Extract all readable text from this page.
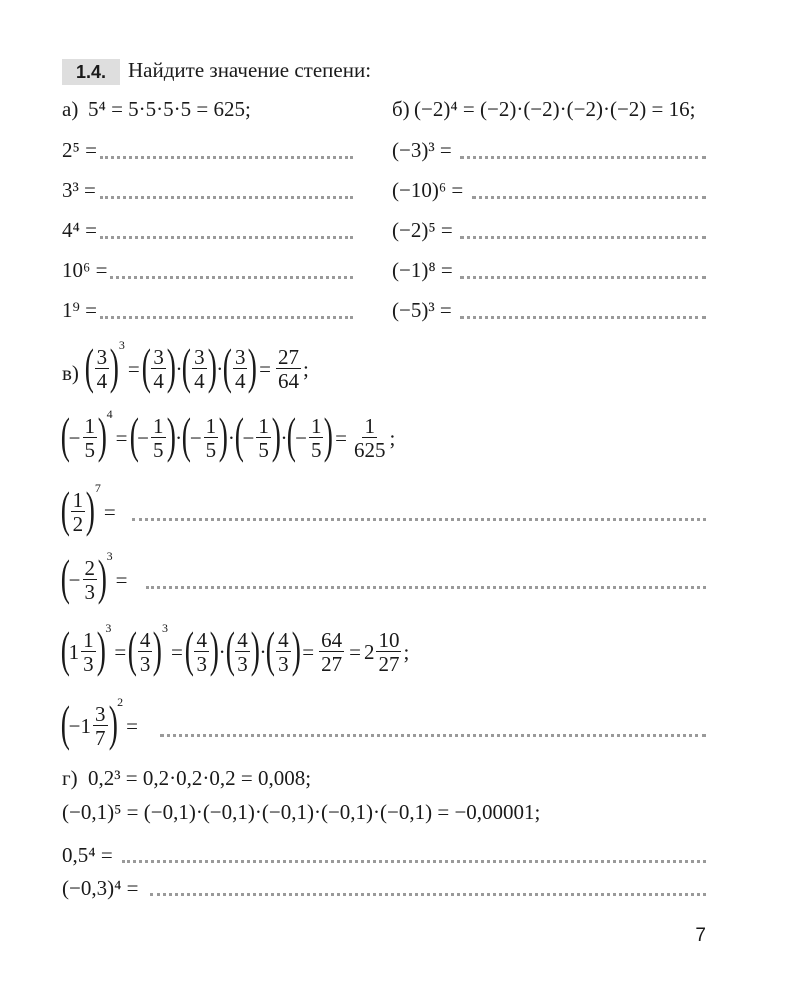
1.4.	Найдите значение степени:
а) 5⁴ = 5·5·5·5 = 625;
2⁵ =
3³ =
4⁴ =
10⁶ =
1⁹ =
б) (−2)⁴ = (−2)·(−2)·(−2)·(−2) = 16;
(−3)³ =
(−10)⁶ =
(−2)⁵ =
(−1)⁸ =
(−5)³ =
в) ( $\frac{3}{4}$ ) 3
= ( $\frac{3}{4}$ ) · ( $\frac{3}{4}$ ) · ( $\frac{3}{4}$ ) = $\frac{27}{64}$ ;
(
− $\frac{1}{5}$ ) 4
= (
− $\frac{1}{5}$ ) · (
− $\frac{1}{5}$ ) · (
− $\frac{1}{5}$ ) · (
− $\frac{1}{5}$ ) = $\frac{1}{625}$ ;
( $\frac{1}{2}$ ) 7
=
(
− $\frac{2}{3}$ ) 3
=
(
$1 \frac{1}{3}$ ) 3
= ( $\frac{4}{3}$ ) 3
= ( $\frac{4}{3}$ ) · ( $\frac{4}{3}$ ) · ( $\frac{4}{3}$ ) = $\frac{64}{27} = 2 \frac{10}{27}$ ;
(
− $1 \frac{3}{7}$ ) 2
=
г) 0,2³ = 0,2·0,2·0,2 = 0,008;
(−0,1)⁵ = (−0,1)·(−0,1)·(−0,1)·(−0,1)·(−0,1) = −0,00001;
0,5⁴ =
(−0,3)⁴ =
7
